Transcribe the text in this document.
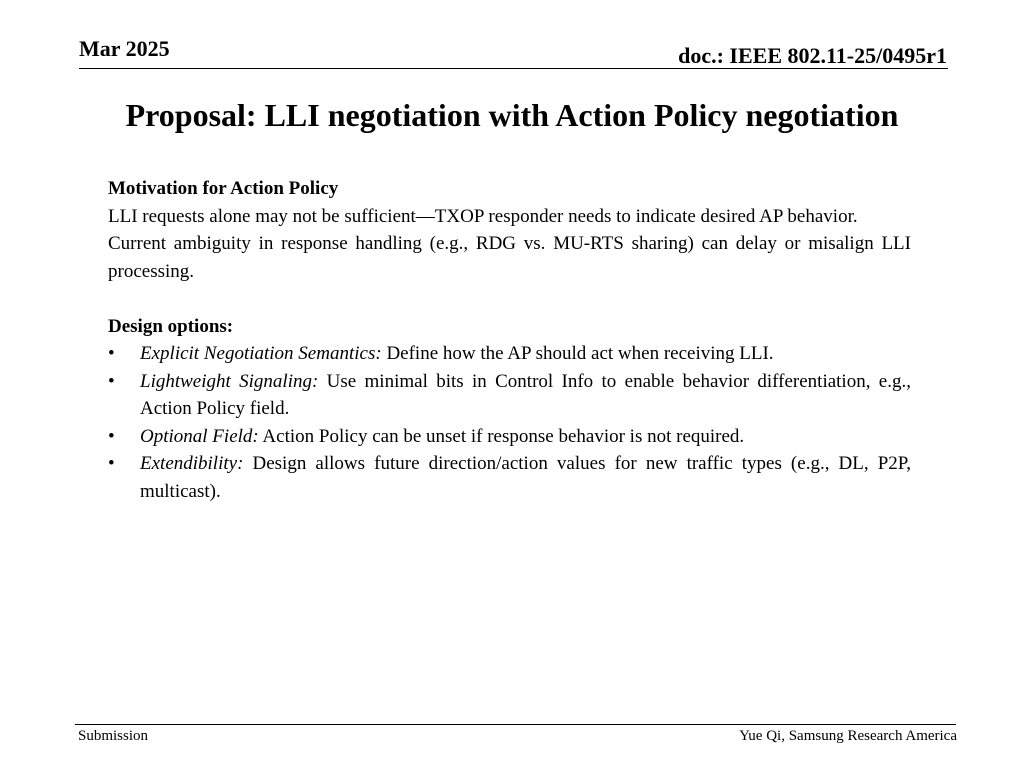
Mar 2025	doc.: IEEE 802.11-25/0495r1
Proposal: LLI negotiation with Action Policy negotiation

Motivation for Action Policy

LLI requests alone may not be sufficient—TXOP responder needs to indicate desired AP behavior.

Current ambiguity in response handling (e.g., RDG vs. MU-RTS sharing) can delay or misalign LLI processing.

Design options:

• Explicit Negotiation Semantics: Define how the AP should act when receiving LLI.
• Lightweight Signaling: Use minimal bits in Control Info to enable behavior differentiation, e.g., Action Policy field.
• Optional Field: Action Policy can be unset if response behavior is not required.
• Extendibility: Design allows future direction/action values for new traffic types (e.g., DL, P2P, multicast).
Submission	Yue Qi, Samsung Research America
